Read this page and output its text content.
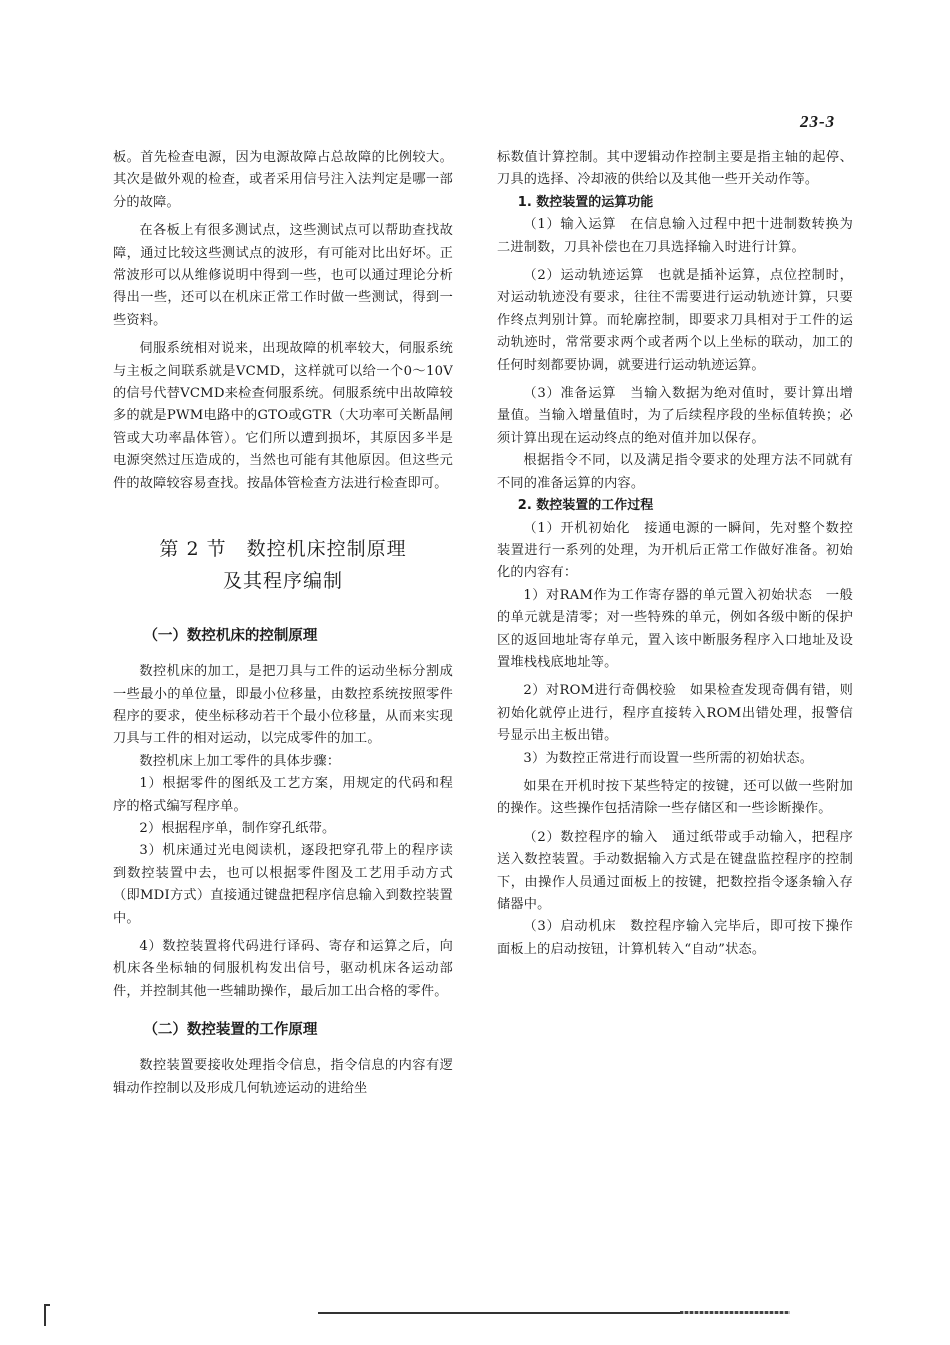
23-3

板。首先检查电源，因为电源故障占总故障的比例较大。其次是做外观的检查，或者采用信号注入法判定是哪一部分的故障。

在各板上有很多测试点，这些测试点可以帮助查找故障，通过比较这些测试点的波形，有可能对比出好坏。正常波形可以从维修说明中得到一些，也可以通过理论分析得出一些，还可以在机床正常工作时做一些测试，得到一些资料。

伺服系统相对说来，出现故障的机率较大，伺服系统与主板之间联系就是VCMD，这样就可以给一个0～10V的信号代替VCMD来检查伺服系统。伺服系统中出故障较多的就是PWM电路中的GTO或GTR（大功率可关断晶闸管或大功率晶体管）。它们所以遭到损坏，其原因多半是电源突然过压造成的，当然也可能有其他原因。但这些元件的故障较容易查找。按晶体管检查方法进行检查即可。

第 2 节　数控机床控制原理
及其程序编制

（一）数控机床的控制原理

数控机床的加工，是把刀具与工件的运动坐标分割成一些最小的单位量，即最小位移量，由数控系统按照零件程序的要求，使坐标移动若干个最小位移量，从而来实现刀具与工件的相对运动，以完成零件的加工。

数控机床上加工零件的具体步骤：

1）根据零件的图纸及工艺方案，用规定的代码和程序的格式编写程序单。

2）根据程序单，制作穿孔纸带。

3）机床通过光电阅读机，逐段把穿孔带上的程序读到数控装置中去，也可以根据零件图及工艺用手动方式（即MDI方式）直接通过键盘把程序信息输入到数控装置中。

4）数控装置将代码进行译码、寄存和运算之后，向机床各坐标轴的伺服机构发出信号，驱动机床各运动部件，并控制其他一些辅助操作，最后加工出合格的零件。

（二）数控装置的工作原理

数控装置要接收处理指令信息，指令信息的内容有逻辑动作控制以及形成几何轨迹运动的进给坐

标数值计算控制。其中逻辑动作控制主要是指主轴的起停、刀具的选择、冷却液的供给以及其他一些开关动作等。

1. 数控装置的运算功能

（1）输入运算　在信息输入过程中把十进制数转换为二进制数，刀具补偿也在刀具选择输入时进行计算。

（2）运动轨迹运算　也就是插补运算，点位控制时，对运动轨迹没有要求，往往不需要进行运动轨迹计算，只要作终点判别计算。而轮廓控制，即要求刀具相对于工件的运动轨迹时，常常要求两个或者两个以上坐标的联动，加工的任何时刻都要协调，就要进行运动轨迹运算。

（3）准备运算　当输入数据为绝对值时，要计算出增量值。当输入增量值时，为了后续程序段的坐标值转换；必须计算出现在运动终点的绝对值并加以保存。

根据指令不同，以及满足指令要求的处理方法不同就有不同的准备运算的内容。

2. 数控装置的工作过程

（1）开机初始化　接通电源的一瞬间，先对整个数控装置进行一系列的处理，为开机后正常工作做好准备。初始化的内容有：

1）对RAM作为工作寄存器的单元置入初始状态　一般的单元就是清零；对一些特殊的单元，例如各级中断的保护区的返回地址寄存单元，置入该中断服务程序入口地址及设置堆栈栈底地址等。

2）对ROM进行奇偶校验　如果检查发现奇偶有错，则初始化就停止进行，程序直接转入ROM出错处理，报警信号显示出主板出错。

3）为数控正常进行而设置一些所需的初始状态。

如果在开机时按下某些特定的按键，还可以做一些附加的操作。这些操作包括清除一些存储区和一些诊断操作。

（2）数控程序的输入　通过纸带或手动输入，把程序送入数控装置。手动数据输入方式是在键盘监控程序的控制下，由操作人员通过面板上的按键，把数控指令逐条输入存储器中。

（3）启动机床　数控程序输入完毕后，即可按下操作面板上的启动按钮，计算机转入“自动”状态。
